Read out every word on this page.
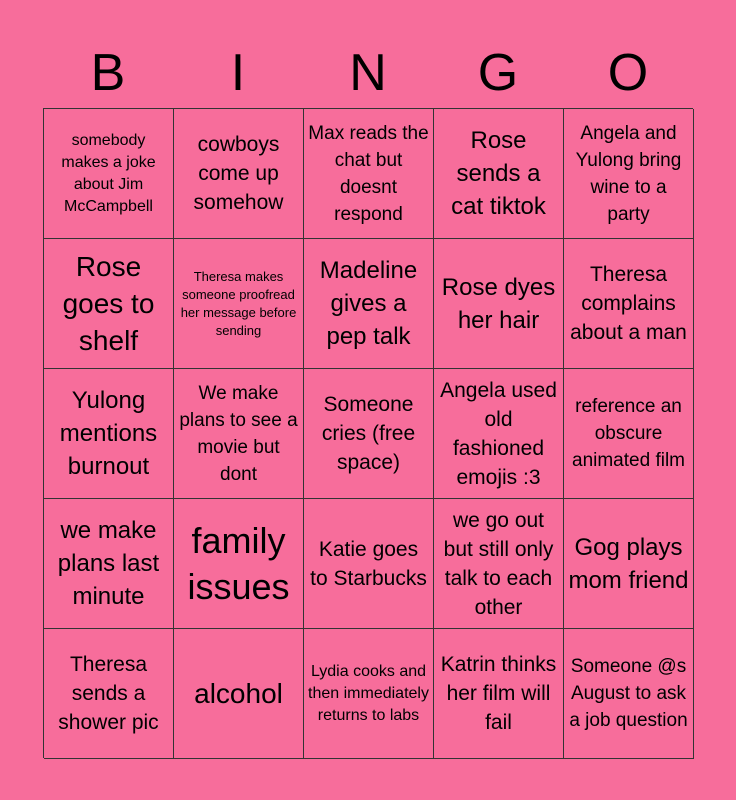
B	I	N	G	O
somebody makes a joke about Jim McCampbell
cowboys come up somehow
Max reads the chat but doesnt respond
Rose sends a cat tiktok
Angela and Yulong bring wine to a party
Rose goes to shelf
Theresa makes someone proofread her message before sending
Madeline gives a pep talk
Rose dyes her hair
Theresa complains about a man
Yulong mentions burnout
We make plans to see a movie but dont
Someone cries (free space)
Angela used old fashioned emojis :3
reference an obscure animated film
we make plans last minute
family issues
Katie goes to Starbucks
we go out but still only talk to each other
Gog plays mom friend
Theresa sends a shower pic
alcohol
Lydia cooks and then immediately returns to labs
Katrin thinks her film will fail
Someone @s August to ask a job question
